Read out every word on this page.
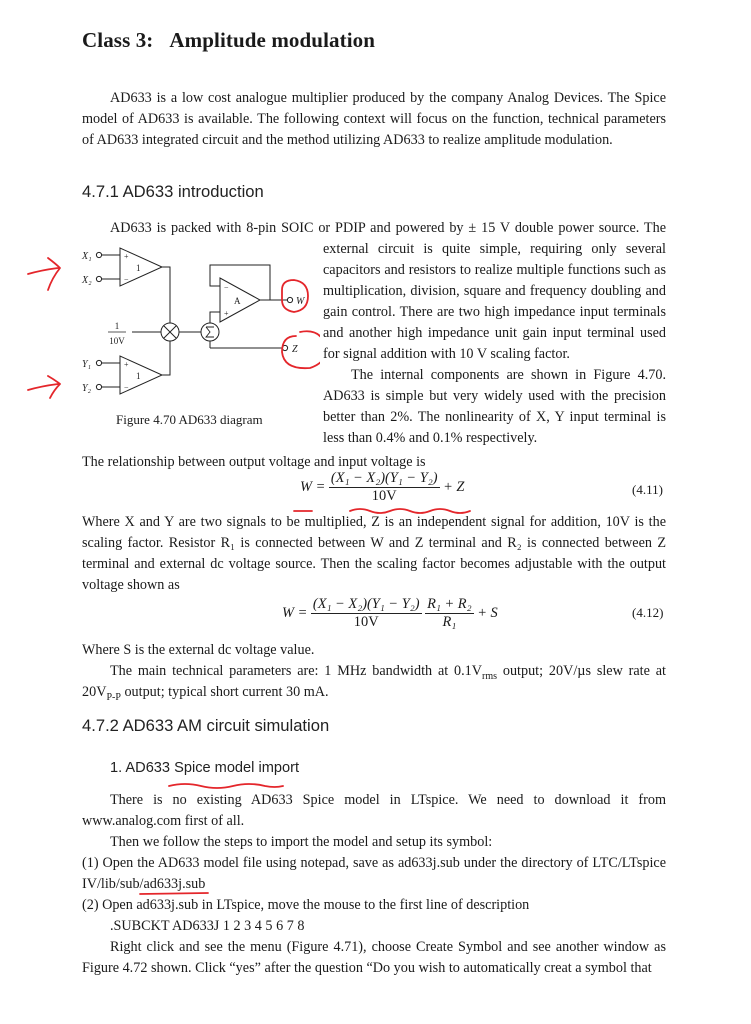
Class 3: Amplitude modulation
AD633 is a low cost analogue multiplier produced by the company Analog Devices. The Spice model of AD633 is available. The following context will focus on the function, technical parameters of AD633 integrated circuit and the method utilizing AD633 to realize amplitude modulation.
4.7.1 AD633 introduction
AD633 is packed with 8-pin SOIC or PDIP and powered by ± 15 V double power source. The
external circuit is quite simple, requiring only several
capacitors and resistors to realize multiple functions such as
multiplication, division, square and frequency doubling and
gain control. There are two high impedance input terminals
and another high impedance unit gain input terminal used
for signal addition with 10 V scaling factor.
The internal components are shown in Figure 4.70.
AD633 is simple but very widely used with the precision
better than 2%. The nonlinearity of X, Y input terminal is
less than 0.4% and 0.1% respectively.
X₁
X₂
Y₁
Y₂
W
Z
+
−
1
+
−
1
−
+
A
1
10V
Figure 4.70 AD633 diagram
The relationship between output voltage and input voltage is
$W = \frac{\text{(X₁ − X₂)(Y₁ − Y₂)}}{10V} + Z$	(4.11)
Where X and Y are two signals to be multiplied, Z is an independent signal for addition, 10V is the scaling factor. Resistor R₁ is connected between W and Z terminal and R₂ is connected between Z terminal and external dc voltage source. Then the scaling factor becomes adjustable with the output voltage shown as
$W = \frac{\text{(X₁ − X₂)(Y₁ − Y₂)}}{10V}$
$\frac{\text{R₁ + R₂}}{\text{R₁}} + S$	(4.12)
Where S is the external dc voltage value.
The main technical parameters are: 1 MHz bandwidth at $0.1V_{rms}$ output; 20V/µs slew rate at $20V_{P-P}$ output; typical short current 30 mA.
4.7.2 AD633 AM circuit simulation
1. AD633 Spice model import
There is no existing AD633 Spice model in LTspice. We need to download it from www.analog.com first of all.
Then we follow the steps to import the model and setup its symbol:
(1) Open the AD633 model file using notepad, save as ad633j.sub under the directory of LTC/LTspice IV/lib/sub/ad633j.sub
(2) Open ad633j.sub in LTspice, move the mouse to the first line of description
.SUBCKT AD633J 1 2 3 4 5 6 7 8
Right click and see the menu (Figure 4.71), choose Create Symbol and see another window as Figure 4.72 shown. Click “yes” after the question “Do you wish to automatically creat a symbol that
